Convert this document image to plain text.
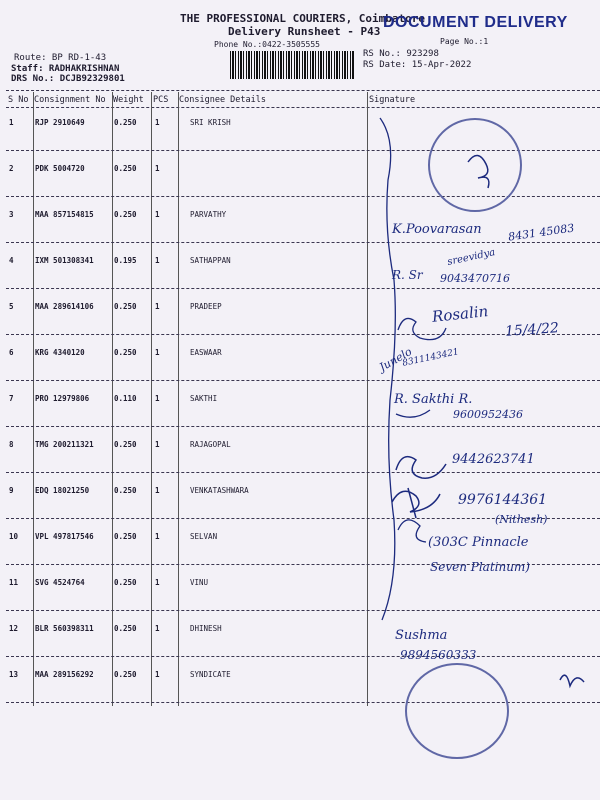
THE PROFESSIONAL COURIERS, Coimbatore
DOCUMENT DELIVERY
Delivery Runsheet - P43
Phone No.:0422-3505555	Page No.:1
Route: BP RD-1-43
Staff: RADHAKRISHNAN
DRS No.: DCJB92329801
RS No.: 923298
RS Date: 15-Apr-2022
S No Consignment No Weight PCS Consignee Details	Signature
1	RJP 2910649	0.250 1	SRI KRISH
2	PDK 5004720	0.250 1
3	MAA 857154815	0.250 1	PARVATHY
4	IXM 501308341	0.195 1	SATHAPPAN
5	MAA 289614106	0.250 1	PRADEEP
6	KRG 4340120	0.250 1	EASWAAR
7	PRO 12979806	0.110 1	SAKTHI
8	TMG 200211321	0.250 1	RAJAGOPAL
9	EDQ 18021250	0.250 1	VENKATASHWARA
10 VPL 497817546	0.250 1	SELVAN
11 SVG 4524764	0.250 1	VINU
12 BLR 560398311	0.250 1	DHINESH
13 MAA 289156292	0.250 1	SYNDICATE
K.Poovarasan 8431 45083
R. Sr
sreevidya
9043470716
Rosalin
15/4/22
Junelo
8311143421
R. Sakthi R.
9600952436
9442623741
9976144361
(Nithesh)
(303C Pinnacle
Seven Platinum)
Sushma
9894560333
